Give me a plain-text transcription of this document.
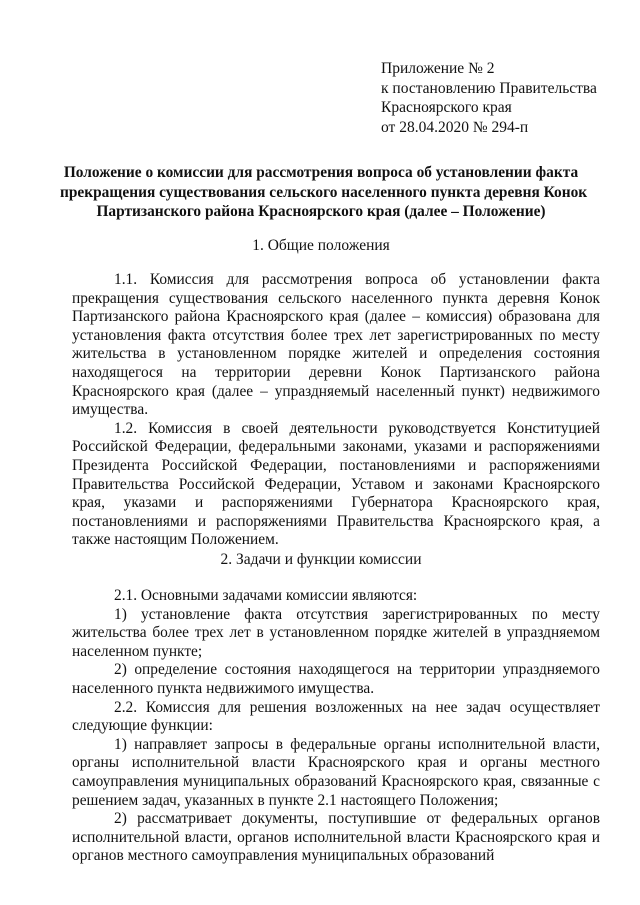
Приложение № 2
к постановлению Правительства
Красноярского края
от 28.04.2020 № 294-п
Положение о комиссии для рассмотрения вопроса об установлении факта
прекращения существования сельского населенного пункта деревня Конок
Партизанского района Красноярского края (далее – Положение)
1. Общие положения
1.1. Комиссия для рассмотрения вопроса об установлении факта прекращения существования сельского населенного пункта деревня Конок Партизанского района Красноярского края (далее – комиссия) образована для установления факта отсутствия более трех лет зарегистрированных по месту жительства в установленном порядке жителей и определения состояния находящегося на территории деревни Конок Партизанского района Красноярского края (далее – упраздняемый населенный пункт) недвижимого имущества.
1.2. Комиссия в своей деятельности руководствуется Конституцией Российской Федерации, федеральными законами, указами и распоряжениями Президента Российской Федерации, постановлениями и распоряжениями Правительства Российской Федерации, Уставом и законами Красноярского края, указами и распоряжениями Губернатора Красноярского края, постановлениями и распоряжениями Правительства Красноярского края, а также настоящим Положением.
2. Задачи и функции комиссии
2.1. Основными задачами комиссии являются:
1) установление факта отсутствия зарегистрированных по месту жительства более трех лет в установленном порядке жителей в упраздняемом населенном пункте;
2) определение состояния находящегося на территории упраздняемого населенного пункта недвижимого имущества.
2.2. Комиссия для решения возложенных на нее задач осуществляет следующие функции:
1) направляет запросы в федеральные органы исполнительной власти, органы исполнительной власти Красноярского края и органы местного самоуправления муниципальных образований Красноярского края, связанные с решением задач, указанных в пункте 2.1 настоящего Положения;
2) рассматривает документы, поступившие от федеральных органов исполнительной власти, органов исполнительной власти Красноярского края и органов местного самоуправления муниципальных образований
